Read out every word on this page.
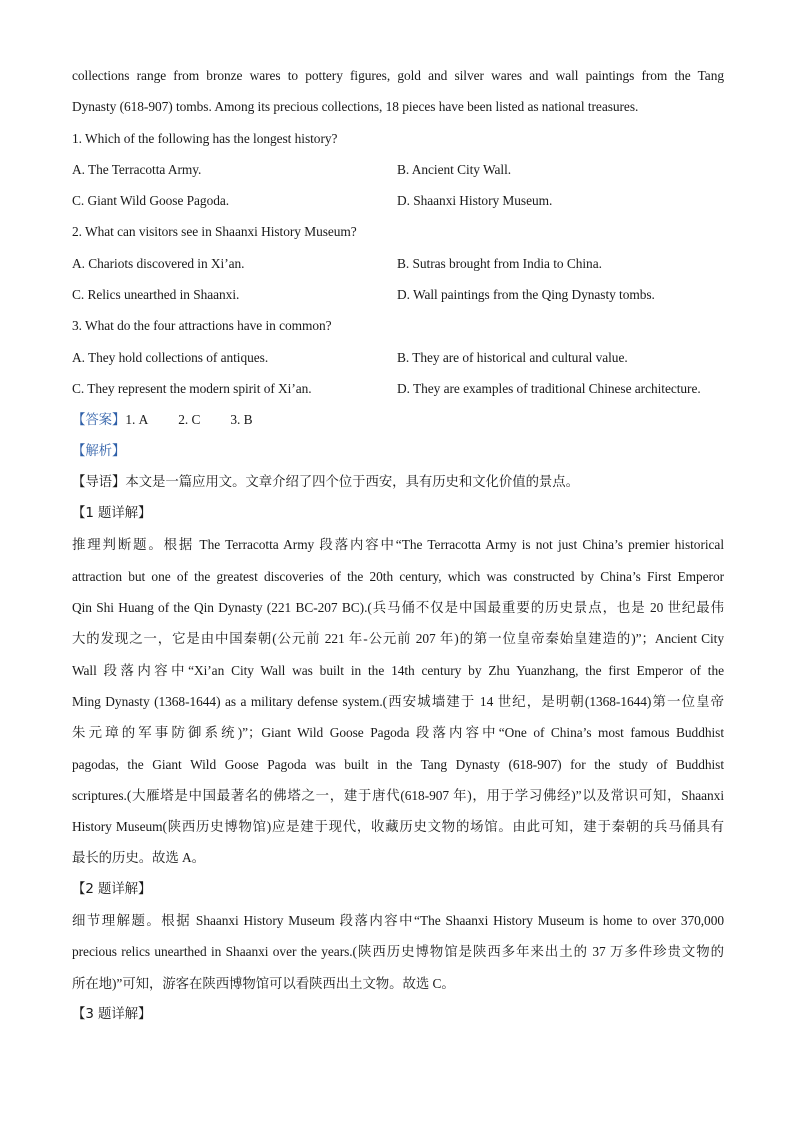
collections range from bronze wares to pottery figures, gold and silver wares and wall paintings from the Tang
Dynasty (618-907) tombs. Among its precious collections, 18 pieces have been listed as national treasures.
1. Which of the following has the longest history?
A. The Terracotta Army.	B. Ancient City Wall.
C. Giant Wild Goose Pagoda.	D. Shaanxi History Museum.
2. What can visitors see in Shaanxi History Museum?
A. Chariots discovered in Xi’an.	B. Sutras brought from India to China.
C. Relics unearthed in Shaanxi.	D. Wall paintings from the Qing Dynasty tombs.
3. What do the four attractions have in common?
A. They hold collections of antiques.	B. They are of historical and cultural value.
C. They represent the modern spirit of Xi’an.	D. They are examples of traditional Chinese architecture.
【答案】1. A 2. C 3. B
【解析】
【导语】本文是一篇应用文。文章介绍了四个位于西安，具有历史和文化价值的景点。
【1 题详解】
推理判断题。根据 The Terracotta Army 段落内容中“The Terracotta Army is not just China’s premier historical
attraction but one of the greatest discoveries of the 20th century, which was constructed by China’s First Emperor
Qin Shi Huang of the Qin Dynasty (221 BC-207 BC).(兵马俑不仅是中国最重要的历史景点，也是 20 世纪最伟
大的发现之一，它是由中国秦朝(公元前 221 年-公元前 207 年)的第一位皇帝秦始皇建造的)”；Ancient City
Wall 段落内容中“Xi’an City Wall was built in the 14th century by Zhu Yuanzhang, the first Emperor of the
Ming Dynasty (1368-1644) as a military defense system.(西安城墙建于 14 世纪，是明朝(1368-1644)第一位皇帝
朱元璋的军事防御系统)”；Giant Wild Goose Pagoda 段落内容中“One of China’s most famous Buddhist
pagodas, the Giant Wild Goose Pagoda was built in the Tang Dynasty (618-907) for the study of Buddhist
scriptures.(大雁塔是中国最著名的佛塔之一，建于唐代(618-907 年)，用于学习佛经)”以及常识可知，Shaanxi
History Museum(陕西历史博物馆)应是建于现代，收藏历史文物的场馆。由此可知，建于秦朝的兵马俑具有
最长的历史。故选 A。
【2 题详解】
细节理解题。根据 Shaanxi History Museum 段落内容中“The Shaanxi History Museum is home to over 370,000
precious relics unearthed in Shaanxi over the years.(陕西历史博物馆是陕西多年来出土的 37 万多件珍贵文物的
所在地)”可知，游客在陕西博物馆可以看陕西出土文物。故选 C。
【3 题详解】
